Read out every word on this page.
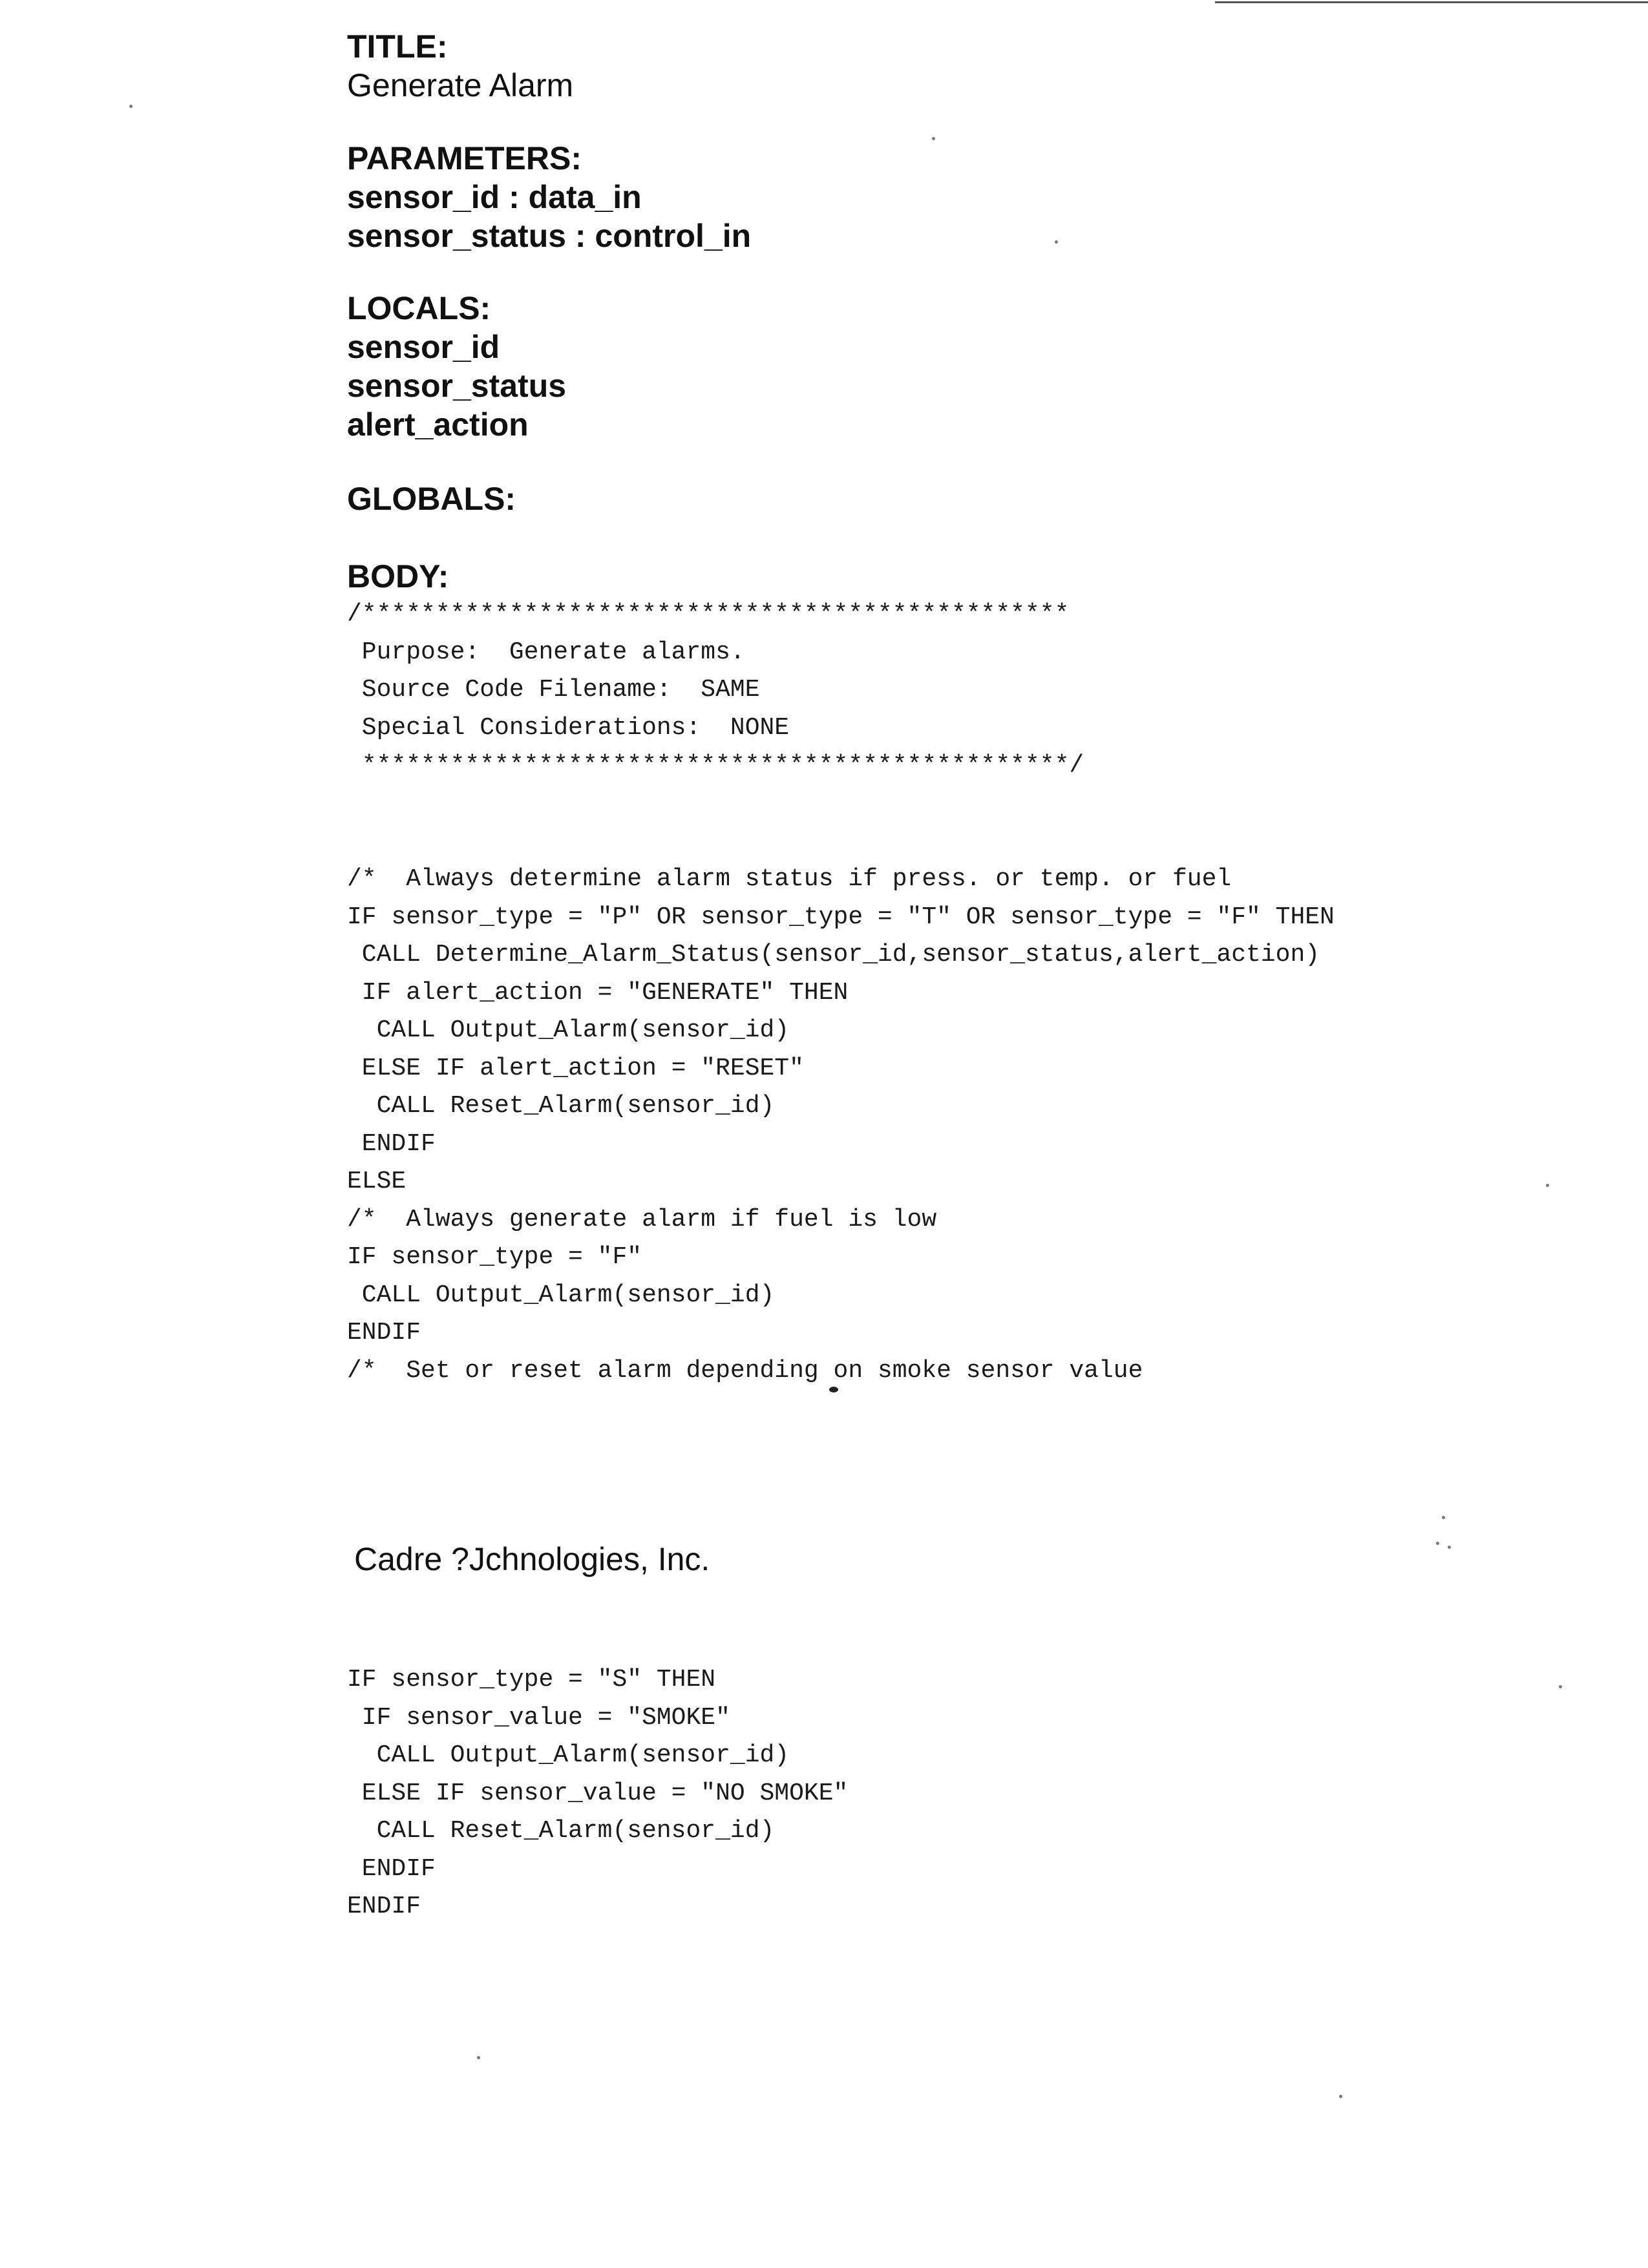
TITLE:
Generate Alarm
PARAMETERS:
sensor_id : data_in
sensor_status : control_in
LOCALS:
sensor_id
sensor_status
alert_action
GLOBALS:
BODY:
/************************************************
Purpose:  Generate alarms.
Source Code Filename:  SAME
Special Considerations:  NONE
************************************************/
/*  Always determine alarm status if press. or temp. or fuel
IF sensor_type = "P" OR sensor_type = "T" OR sensor_type = "F" THEN
CALL Determine_Alarm_Status(sensor_id,sensor_status,alert_action)
IF alert_action = "GENERATE" THEN
CALL Output_Alarm(sensor_id)
ELSE IF alert_action = "RESET"
CALL Reset_Alarm(sensor_id)
ENDIF
ELSE
/*  Always generate alarm if fuel is low
IF sensor_type = "F"
CALL Output_Alarm(sensor_id)
ENDIF
/*  Set or reset alarm depending on smoke sensor value
Cadre ?Jchnologies, Inc.
IF sensor_type = "S" THEN
IF sensor_value = "SMOKE"
CALL Output_Alarm(sensor_id)
ELSE IF sensor_value = "NO SMOKE"
CALL Reset_Alarm(sensor_id)
ENDIF
ENDIF
